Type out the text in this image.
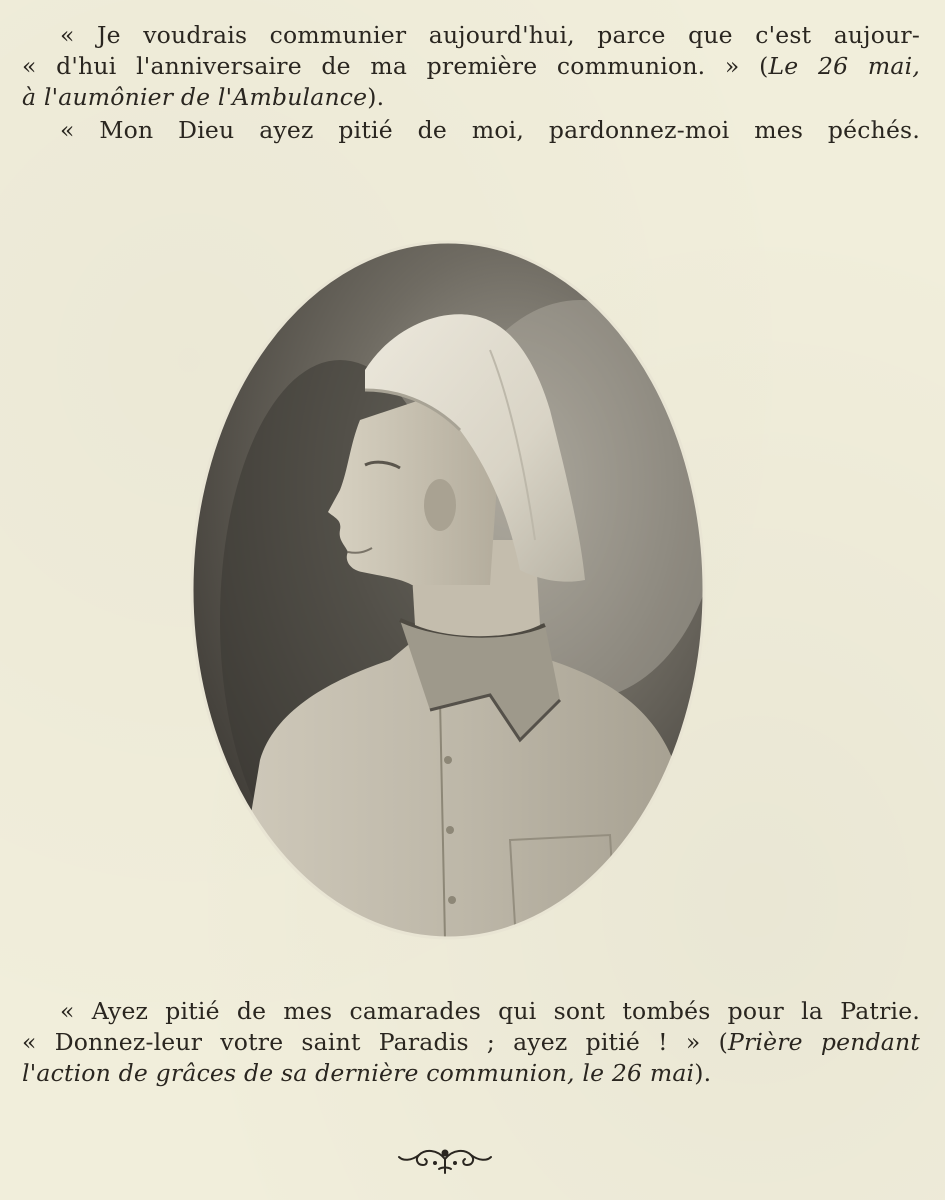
« Je voudrais communier aujourd'hui, parce que c'est aujour-
« d'hui l'anniversaire de ma première communion. » (Le 26 mai,
à l'aumônier de l'Ambulance).
« Mon Dieu ayez pitié de moi, pardonnez-moi mes péchés.
« Ayez pitié de mes camarades qui sont tombés pour la Patrie.
« Donnez-leur votre saint Paradis ; ayez pitié ! » (Prière pendant
l'action de grâces de sa dernière communion, le 26 mai).
